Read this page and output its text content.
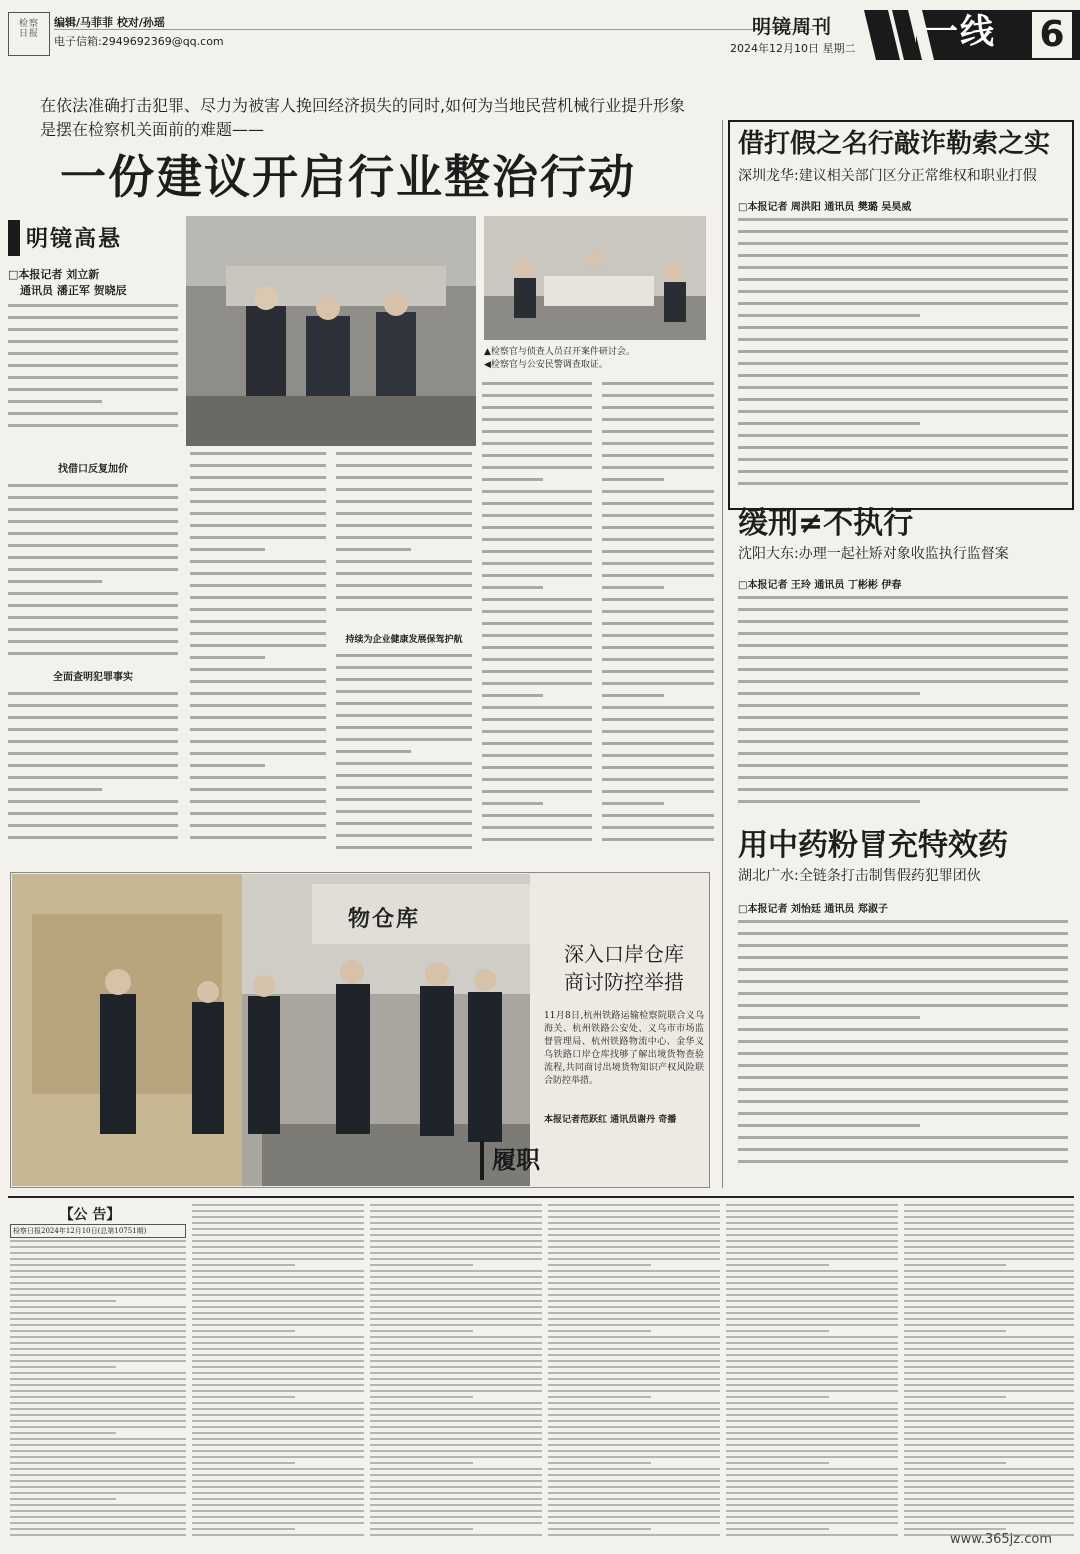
检察日报
编辑/马菲菲 校对/孙瑶
电子信箱:2949692369@qq.com
明镜周刊
2024年12月10日 星期二 一线 6
在依法准确打击犯罪、尽力为被害人挽回经济损失的同时,如何为当地民营机械行业提升形象是摆在检察机关面前的难题——
一份建议开启行业整治行动
明镜高悬
□本报记者 刘立新
通讯员 潘正军 贺晓辰
▲检察官与侦查人员召开案件研讨会。
◀检察官与公安民警调查取证。
找借口反复加价
全面查明犯罪事实
持续为企业健康发展保驾护航
借打假之名行敲诈勒索之实
深圳龙华:建议相关部门区分正常维权和职业打假
□本报记者 周洪阳 通讯员 樊璐 吴昊威
缓刑≠不执行
沈阳大东:办理一起社矫对象收监执行监督案
□本报记者 王玲 通讯员 丁彬彬 伊春
用中药粉冒充特效药
湖北广水:全链条打击制售假药犯罪团伙
□本报记者 刘怡廷 通讯员 郑淑子
物仓库
深入口岸仓库
商讨防控举措
11月8日,杭州铁路运输检察院联合义乌海关、杭州铁路公安处、义乌市市场监督管理局、杭州铁路物流中心、金华义乌铁路口岸仓库找够了解出境货物查验流程,共同商讨出境货物知识产权风险联合防控举措。
本报记者范跃红 通讯员谢丹 奇播
履职
【公 告】
检察日报2024年12月10日(总第10751期)
www.365jz.com
